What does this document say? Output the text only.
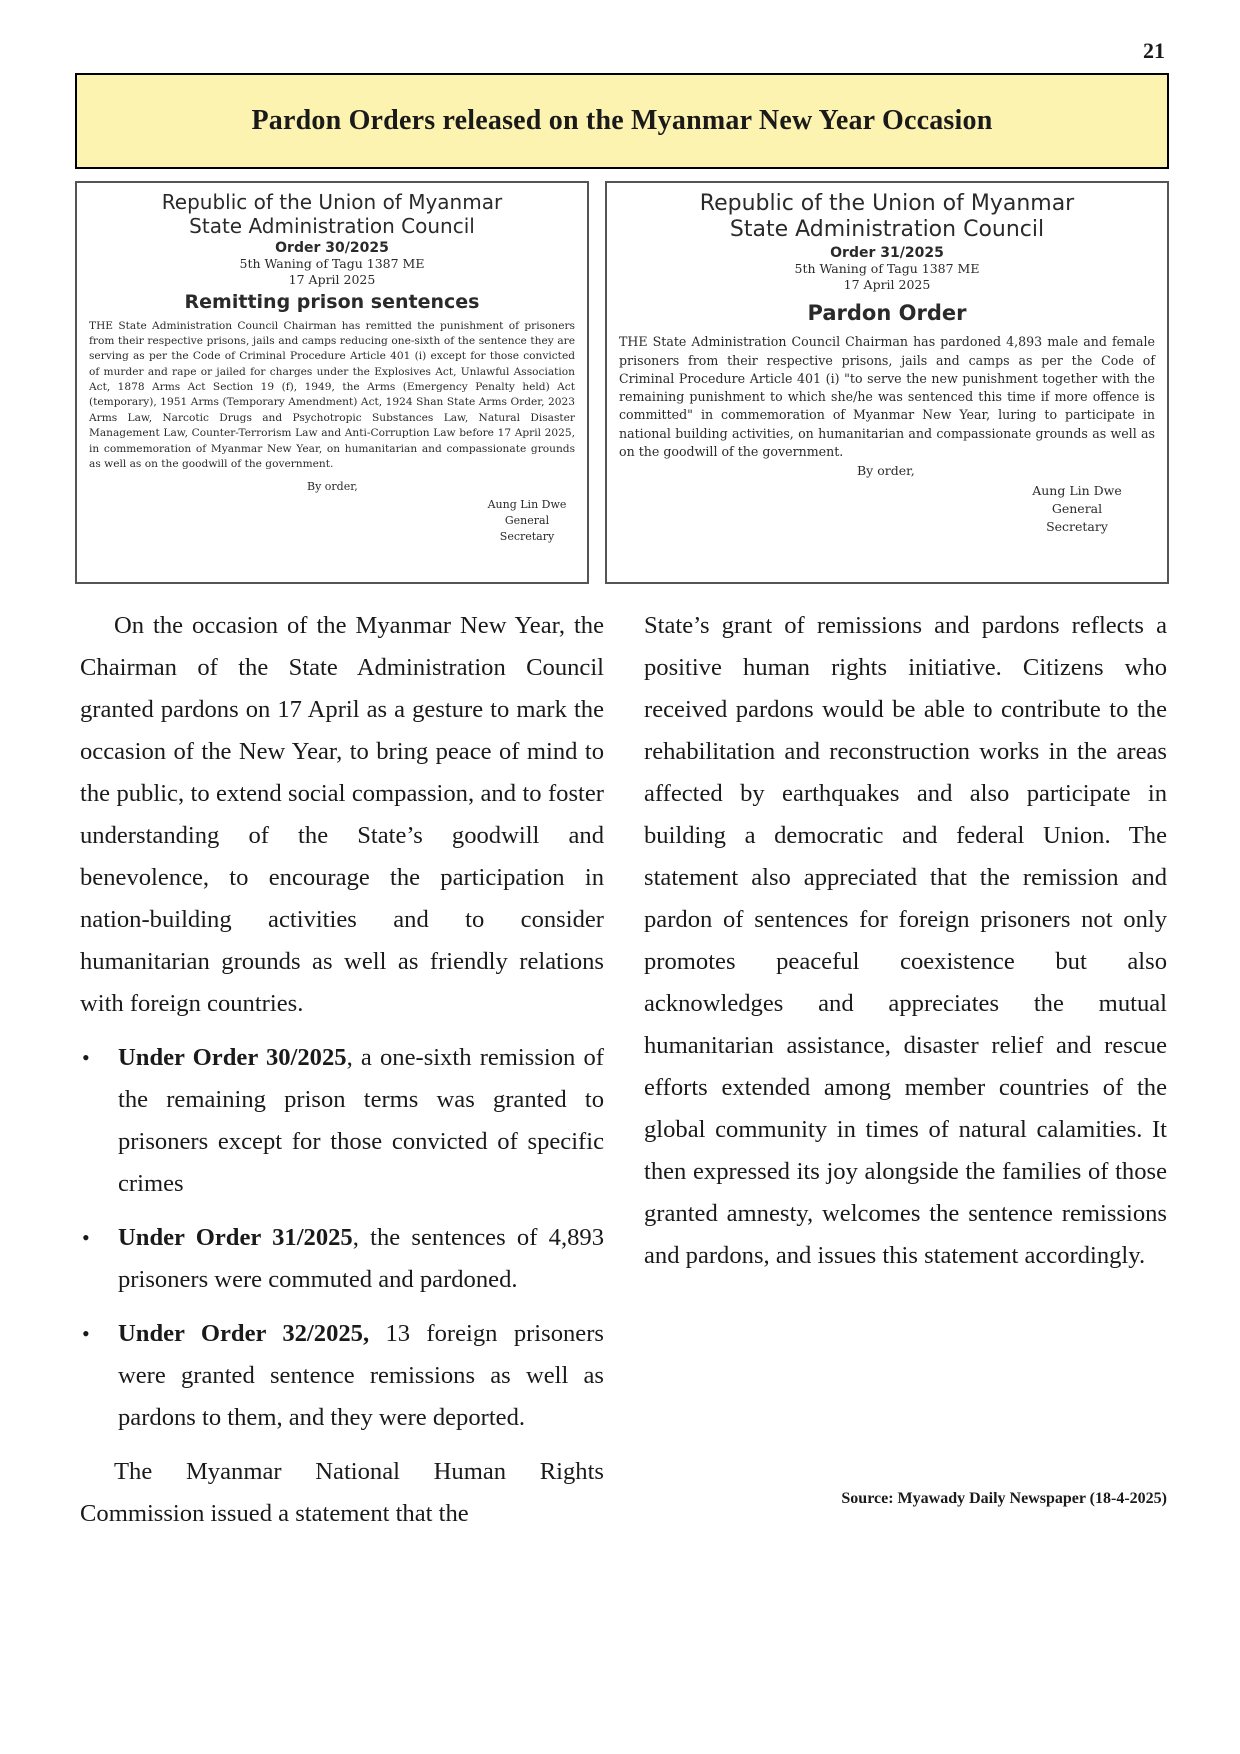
21
Pardon Orders released on the Myanmar New Year Occasion
Republic of the Union of Myanmar
State Administration Council
Order 30/2025
5th Waning of Tagu 1387 ME
17 April 2025
Remitting prison sentences
THE State Administration Council Chairman has remitted the punishment of prisoners from their respective prisons, jails and camps reducing one-sixth of the sentence they are serving as per the Code of Criminal Procedure Article 401 (i) except for those convicted of murder and rape or jailed for charges under the Explosives Act, Unlawful Association Act, 1878 Arms Act Section 19 (f), 1949, the Arms (Emergency Penalty held) Act (temporary), 1951 Arms (Temporary Amendment) Act, 1924 Shan State Arms Order, 2023 Arms Law, Narcotic Drugs and Psychotropic Substances Law, Natural Disaster Management Law, Counter-Terrorism Law and Anti-Corruption Law before 17 April 2025, in commemoration of Myanmar New Year, on humanitarian and compassionate grounds as well as on the goodwill of the government.
By order,
Aung Lin Dwe
General
Secretary
Republic of the Union of Myanmar
State Administration Council
Order 31/2025
5th Waning of Tagu 1387 ME
17 April 2025
Pardon Order
THE State Administration Council Chairman has pardoned 4,893 male and female prisoners from their respective prisons, jails and camps as per the Code of Criminal Procedure Article 401 (i) "to serve the new punishment together with the remaining punishment to which she/he was sentenced this time if more offence is committed" in commemoration of Myanmar New Year, luring to participate in national building activities, on humanitarian and compassionate grounds as well as on the goodwill of the government.
By order,
Aung Lin Dwe
General
Secretary

On the occasion of the Myanmar New Year, the Chairman of the State Administration Council granted pardons on 17 April as a gesture to mark the occasion of the New Year, to bring peace of mind to the public, to extend social compassion, and to foster understanding of the State’s goodwill and benevolence, to encourage the participation in nation-building activities and to consider humanitarian grounds as well as friendly relations with foreign countries.

• Under Order 30/2025, a one-sixth remission of the remaining prison terms was granted to prisoners except for those convicted of specific crimes
• Under Order 31/2025, the sentences of 4,893 prisoners were commuted and pardoned.
• Under Order 32/2025, 13 foreign prisoners were granted sentence remissions as well as pardons to them, and they were deported.

The Myanmar National Human Rights Commission issued a statement that the

State’s grant of remissions and pardons reflects a positive human rights initiative. Citizens who received pardons would be able to contribute to the rehabilitation and reconstruction works in the areas affected by earthquakes and also participate in building a democratic and federal Union. The statement also appreciated that the remission and pardon of sentences for foreign prisoners not only promotes peaceful coexistence but also acknowledges and appreciates the mutual humanitarian assistance, disaster relief and rescue efforts extended among member countries of the global community in times of natural calamities. It then expressed its joy alongside the families of those granted amnesty, welcomes the sentence remissions and pardons, and issues this statement accordingly.

Source: Myawady Daily Newspaper (18-4-2025)
